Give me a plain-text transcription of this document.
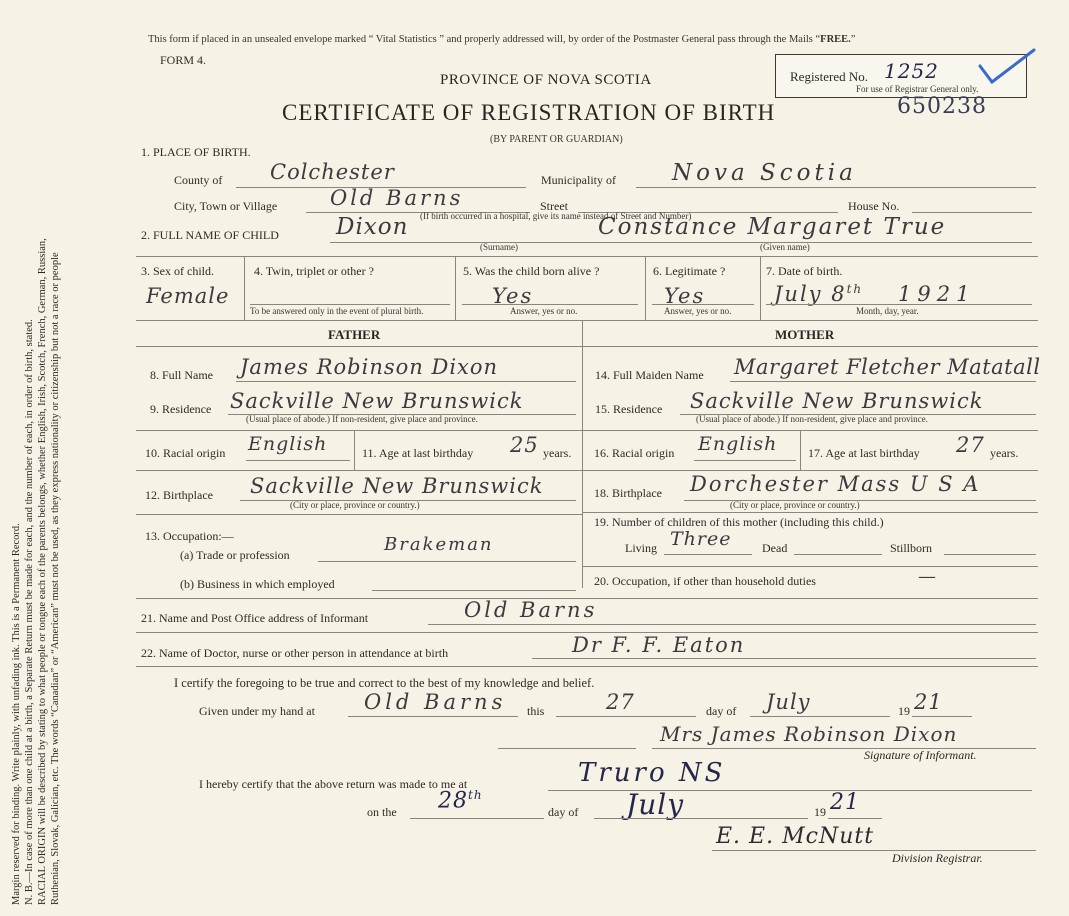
Margin reserved for binding. Write plainly, with unfading ink. This is a Permanent Record. N. B.—In case of more than one child at a birth, a Separate Return must be made for each, and the number of each, in order of birth, stated. RACIAL ORIGIN will be described by stating to what people or tongue each of the parents belongs, whether English, Irish, Scotch, French, German, Russian, Ruthenian, Slovak, Galician, etc. The words “Canadian” or “American” must not be used, as they express nationality or citizenship but not a race or people
This form if placed in an unsealed envelope marked “ Vital Statistics ” and properly addressed will, by order of the Postmaster General pass through the Mails “FREE.”
FORM 4.
PROVINCE OF NOVA SCOTIA
CERTIFICATE OF REGISTRATION OF BIRTH
(BY PARENT OR GUARDIAN)
Registered No. 1252
For use of Registrar General only.
650238
1. PLACE OF BIRTH.
County of Colchester	Municipality of Nova Scotia
City, Town or Village	Old Barns	Street
(If birth occurred in a hospital, give its name instead of Street and Number)
House No.
2. FULL NAME OF CHILD Dixon	Constance Margaret True
(Surname)	(Given name)
3. Sex of child.
Female
4. Twin, triplet or other ?
To be answered only in the event of plural birth.
5. Was the child born alive ?
Yes
Answer, yes or no.
6. Legitimate ?
Yes
Answer, yes or no.
7. Date of birth.
July 8th 1921
Month, day, year.
FATHER	MOTHER
8. Full Name James Robinson Dixon
9. Residence Sackville New Brunswick
(Usual place of abode.) If non-resident, give place and province.
10. Racial origin English	11. Age at last birthday 25 years.
12. Birthplace Sackville New Brunswick
(City or place, province or country.)
13. Occupation:—
(a) Trade or profession	Brakeman
(b) Business in which employed
14. Full Maiden Name Margaret Fletcher Matatall
15. Residence Sackville New Brunswick
(Usual place of abode.) If non-resident, give place and province.
16. Racial origin English	17. Age at last birthday 27 years.
18. Birthplace Dorchester Mass U S A
(City or place, province or country.)
19. Number of children of this mother (including this child.)
Living Three	Dead	Stillborn
20. Occupation, if other than household duties	—
21. Name and Post Office address of Informant	Old Barns
22. Name of Doctor, nurse or other person in attendance at birth	Dr F. F. Eaton
I certify the foregoing to be true and correct to the best of my knowledge and belief.
Given under my hand at Old Barns this	27	day of July	19 21
Mrs James Robinson Dixon
Signature of Informant.
I hereby certify that the above return was made to me at	Truro NS
on the 28th
day of July	19 21
E. E. McNutt
Division Registrar.
